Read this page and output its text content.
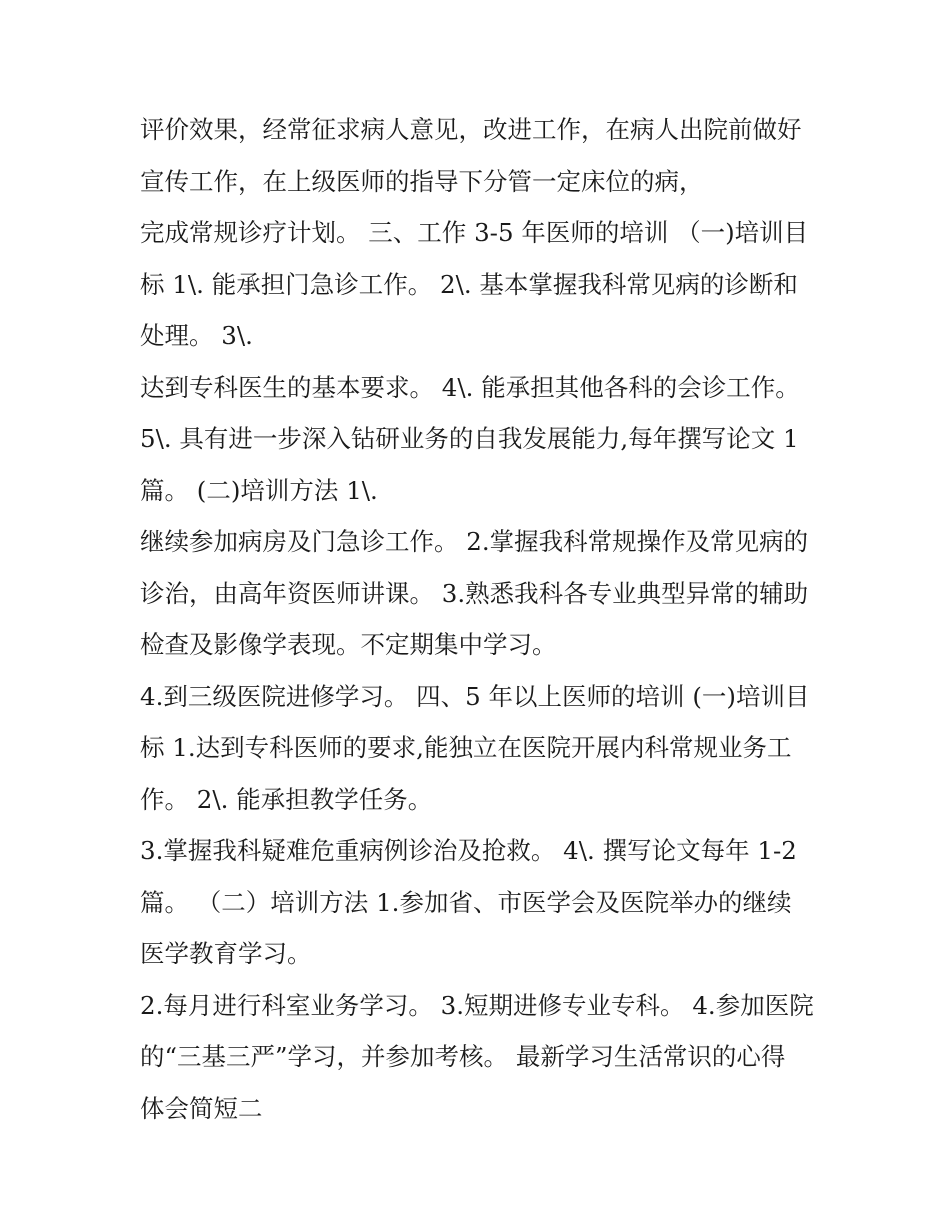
评价效果，经常征求病人意见，改进工作，在病人出院前做好
宣传工作，在上级医师的指导下分管一定床位的病，
完成常规诊疗计划。 三、工作 3-5 年医师的培训 （一)培训目
标 1\. 能承担门急诊工作。 2\. 基本掌握我科常见病的诊断和
处理。 3\.
达到专科医生的基本要求。 4\. 能承担其他各科的会诊工作。
5\. 具有进一步深入钻研业务的自我发展能力,每年撰写论文 1
篇。 (二)培训方法 1\.
继续参加病房及门急诊工作。 2.掌握我科常规操作及常见病的
诊治，由高年资医师讲课。 3.熟悉我科各专业典型异常的辅助
检查及影像学表现。不定期集中学习。
4.到三级医院进修学习。 四、5 年以上医师的培训 (一)培训目
标 1.达到专科医师的要求,能独立在医院开展内科常规业务工
作。 2\. 能承担教学任务。
3.掌握我科疑难危重病例诊治及抢救。 4\. 撰写论文每年 1-2
篇。 （二）培训方法 1.参加省、市医学会及医院举办的继续
医学教育学习。
2.每月进行科室业务学习。 3.短期进修专业专科。 4.参加医院
的“三基三严”学习，并参加考核。 最新学习生活常识的心得
体会简短二
